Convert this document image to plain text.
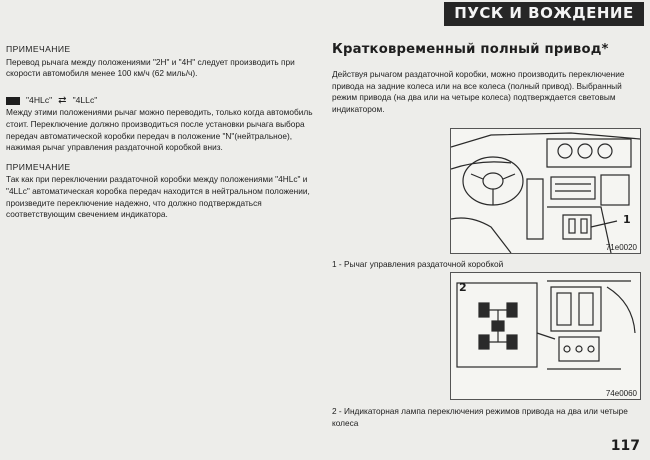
ПУСК И ВОЖДЕНИЕ
ПРИМЕЧАНИЕ
Перевод рычага между положениями "2H" и "4H" следует производить при скорости автомобиля менее 100 км/ч (62 миль/ч).
"4HLc" ⇄ "4LLc"
Между этими положениями рычаг можно переводить, только когда автомобиль стоит. Переключение должно производиться после установки рычага выбора передач автоматической коробки передач в положение "N"(нейтральное), нажимая рычаг управления раздаточной коробкой вниз.
ПРИМЕЧАНИЕ
Так как при переключении раздаточной коробки между положениями "4HLc" и "4LLc" автоматическая коробка передач находится в нейтральном положении, произведите переключение надежно, что должно подтверждаться соответствующим свечением индикатора.
Кратковременный полный привод*
Действуя рычагом раздаточной коробки, можно производить переключение привода на задние колеса или на все колеса (полный привод). Выбранный режим привода (на два или на четыре колеса) подтверждается световым индикатором.
1
71e0020
1 - Рычаг управления раздаточной коробкой
2
74e0060
2 - Индикаторная лампа переключения режимов привода на два или четыре колеса
117
